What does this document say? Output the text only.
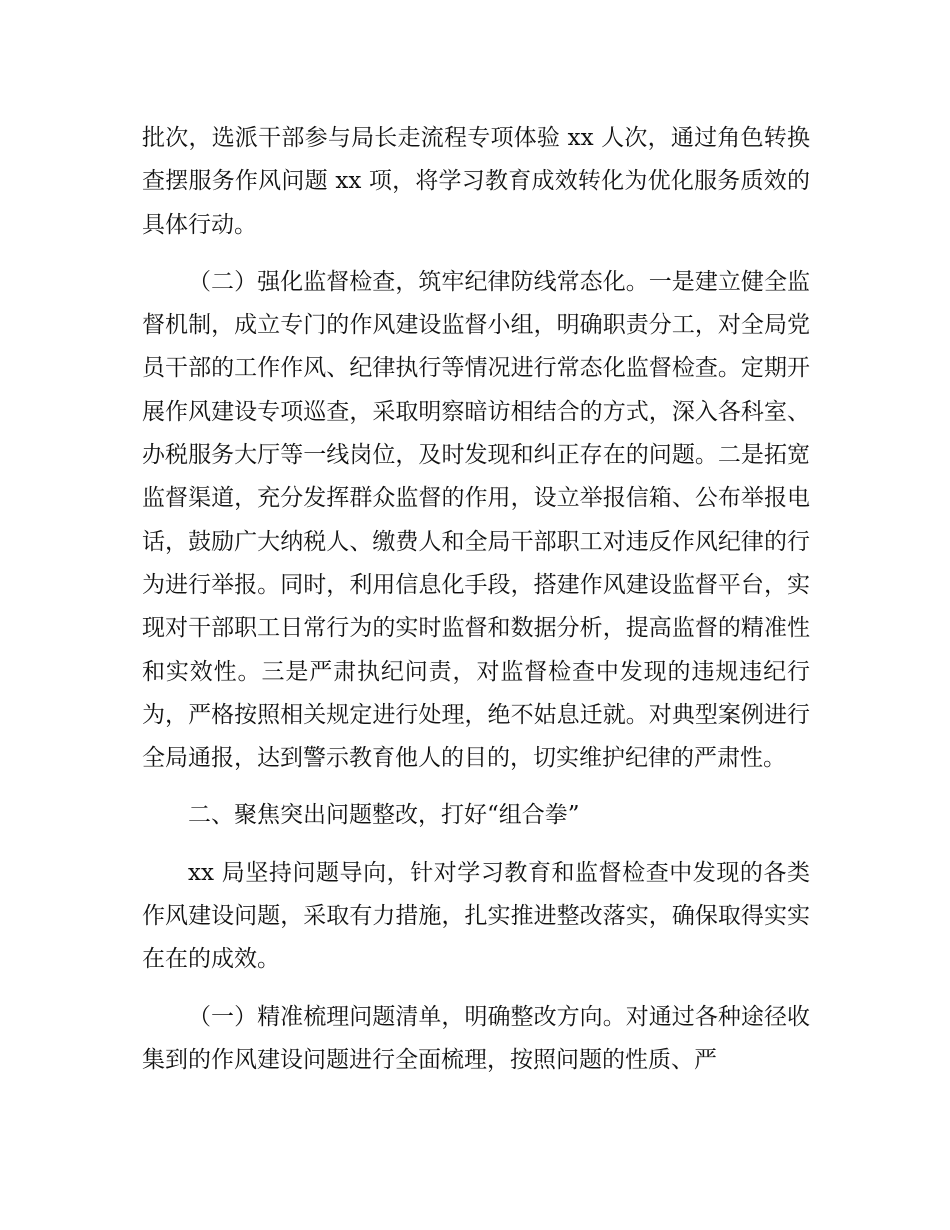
批次，选派干部参与局长走流程专项体验 xx 人次，通过角色转换查摆服务作风问题 xx 项，将学习教育成效转化为优化服务质效的具体行动。

（二）强化监督检查，筑牢纪律防线常态化。一是建立健全监督机制，成立专门的作风建设监督小组，明确职责分工，对全局党员干部的工作作风、纪律执行等情况进行常态化监督检查。定期开展作风建设专项巡查，采取明察暗访相结合的方式，深入各科室、办税服务大厅等一线岗位，及时发现和纠正存在的问题。二是拓宽监督渠道，充分发挥群众监督的作用，设立举报信箱、公布举报电话，鼓励广大纳税人、缴费人和全局干部职工对违反作风纪律的行为进行举报。同时，利用信息化手段，搭建作风建设监督平台，实现对干部职工日常行为的实时监督和数据分析，提高监督的精准性和实效性。三是严肃执纪问责，对监督检查中发现的违规违纪行为，严格按照相关规定进行处理，绝不姑息迁就。对典型案例进行全局通报，达到警示教育他人的目的，切实维护纪律的严肃性。

二、聚焦突出问题整改，打好“组合拳”

xx 局坚持问题导向，针对学习教育和监督检查中发现的各类作风建设问题，采取有力措施，扎实推进整改落实，确保取得实实在在的成效。

（一）精准梳理问题清单，明确整改方向。对通过各种途径收集到的作风建设问题进行全面梳理，按照问题的性质、严
